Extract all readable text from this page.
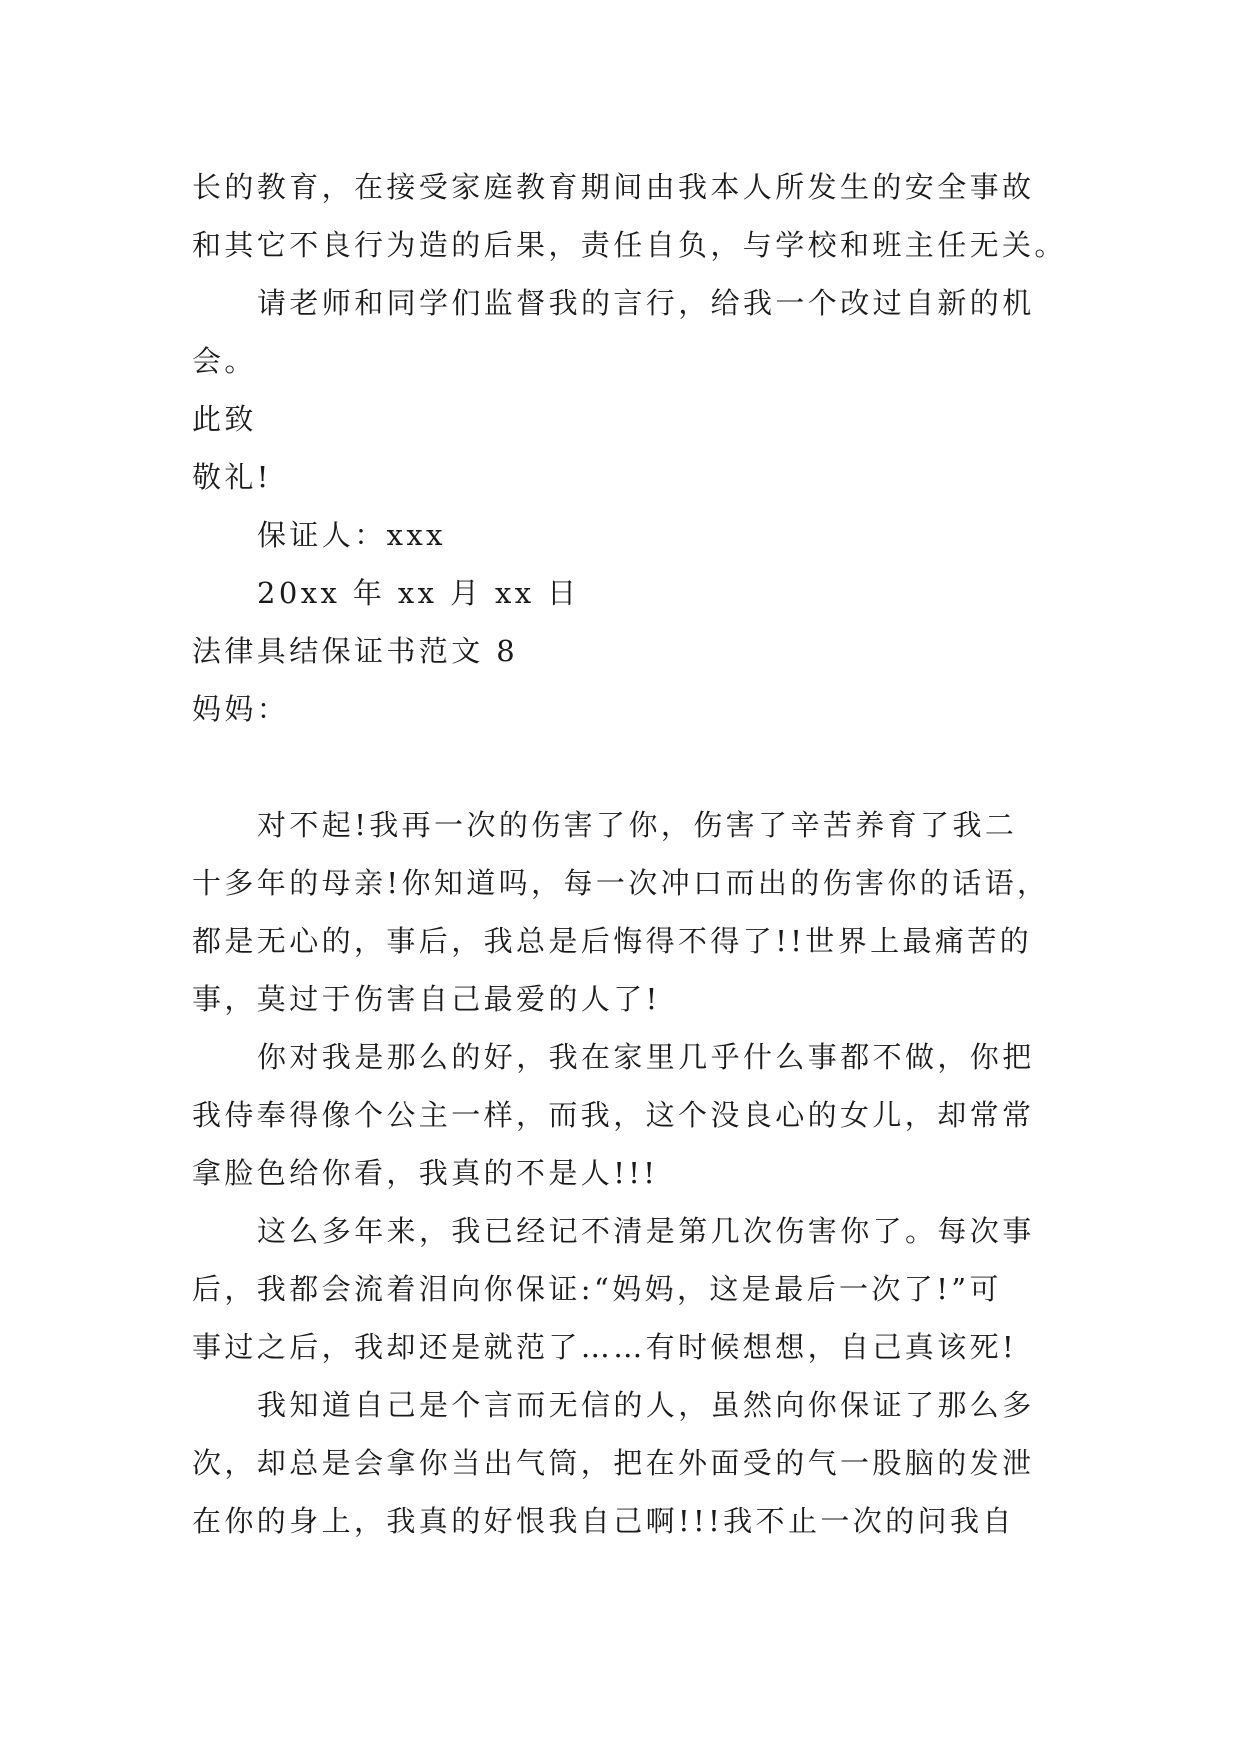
长的教育，在接受家庭教育期间由我本人所发生的安全事故
和其它不良行为造的后果，责任自负，与学校和班主任无关。
请老师和同学们监督我的言行，给我一个改过自新的机
会。
此致
敬礼!
保证人：xxx
20xx 年 xx 月 xx 日
法律具结保证书范文 8
妈妈：
对不起!我再一次的伤害了你，伤害了辛苦养育了我二
十多年的母亲!你知道吗，每一次冲口而出的伤害你的话语，
都是无心的，事后，我总是后悔得不得了!!世界上最痛苦的
事，莫过于伤害自己最爱的人了!
你对我是那么的好，我在家里几乎什么事都不做，你把
我侍奉得像个公主一样，而我，这个没良心的女儿，却常常
拿脸色给你看，我真的不是人!!!
这么多年来，我已经记不清是第几次伤害你了。每次事
后，我都会流着泪向你保证:“妈妈，这是最后一次了!”可
事过之后，我却还是就范了……有时候想想，自己真该死!
我知道自己是个言而无信的人，虽然向你保证了那么多
次，却总是会拿你当出气筒，把在外面受的气一股脑的发泄
在你的身上，我真的好恨我自己啊!!!我不止一次的问我自
